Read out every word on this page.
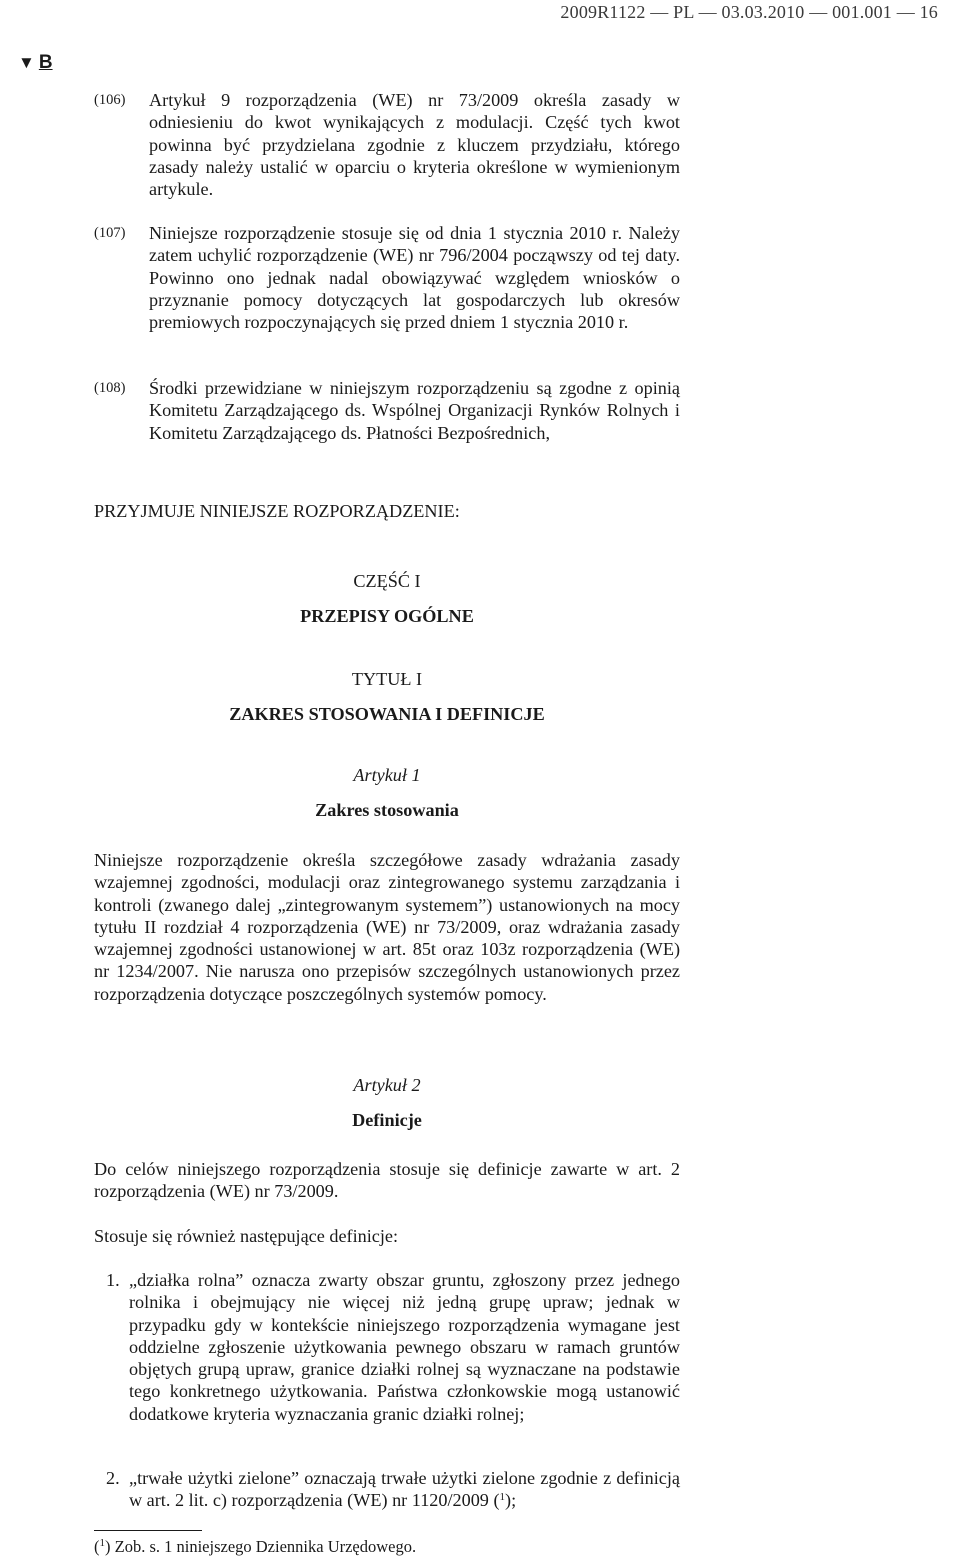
2009R1122 — PL — 03.03.2010 — 001.001 — 16
▼ B
(106) Artykuł 9 rozporządzenia (WE) nr 73/2009 określa zasady w odniesieniu do kwot wynikających z modulacji. Część tych kwot powinna być przydzielana zgodnie z kluczem przydziału, którego zasady należy ustalić w oparciu o kryteria określone w wymienionym artykule.
(107) Niniejsze rozporządzenie stosuje się od dnia 1 stycznia 2010 r. Należy zatem uchylić rozporządzenie (WE) nr 796/2004 począwszy od tej daty. Powinno ono jednak nadal obowiązywać względem wniosków o przyznanie pomocy dotyczących lat gospodarczych lub okresów premiowych rozpoczynających się przed dniem 1 stycznia 2010 r.
(108) Środki przewidziane w niniejszym rozporządzeniu są zgodne z opinią Komitetu Zarządzającego ds. Wspólnej Organizacji Rynków Rolnych i Komitetu Zarządzającego ds. Płatności Bezpośrednich,
PRZYJMUJE NINIEJSZE ROZPORZĄDZENIE:
CZĘŚĆ I
PRZEPISY OGÓLNE
TYTUŁ I
ZAKRES STOSOWANIA I DEFINICJE
Artykuł 1
Zakres stosowania
Niniejsze rozporządzenie określa szczegółowe zasady wdrażania zasady wzajemnej zgodności, modulacji oraz zintegrowanego systemu zarządzania i kontroli (zwanego dalej „zintegrowanym systemem”) ustanowionych na mocy tytułu II rozdział 4 rozporządzenia (WE) nr 73/2009, oraz wdrażania zasady wzajemnej zgodności ustanowionej w art. 85t oraz 103z rozporządzenia (WE) nr 1234/2007. Nie narusza ono przepisów szczególnych ustanowionych przez rozporządzenia dotyczące poszczególnych systemów pomocy.
Artykuł 2
Definicje
Do celów niniejszego rozporządzenia stosuje się definicje zawarte w art. 2 rozporządzenia (WE) nr 73/2009.
Stosuje się również następujące definicje:
1. „działka rolna” oznacza zwarty obszar gruntu, zgłoszony przez jednego rolnika i obejmujący nie więcej niż jedną grupę upraw; jednak w przypadku gdy w kontekście niniejszego rozporządzenia wymagane jest oddzielne zgłoszenie użytkowania pewnego obszaru w ramach gruntów objętych grupą upraw, granice działki rolnej są wyznaczane na podstawie tego konkretnego użytkowania. Państwa członkowskie mogą ustanowić dodatkowe kryteria wyznaczania granic działki rolnej;
2. „trwałe użytki zielone” oznaczają trwałe użytki zielone zgodnie z definicją w art. 2 lit. c) rozporządzenia (WE) nr 1120/2009 ($^1$);
($^1$) Zob. s. 1 niniejszego Dziennika Urzędowego.
